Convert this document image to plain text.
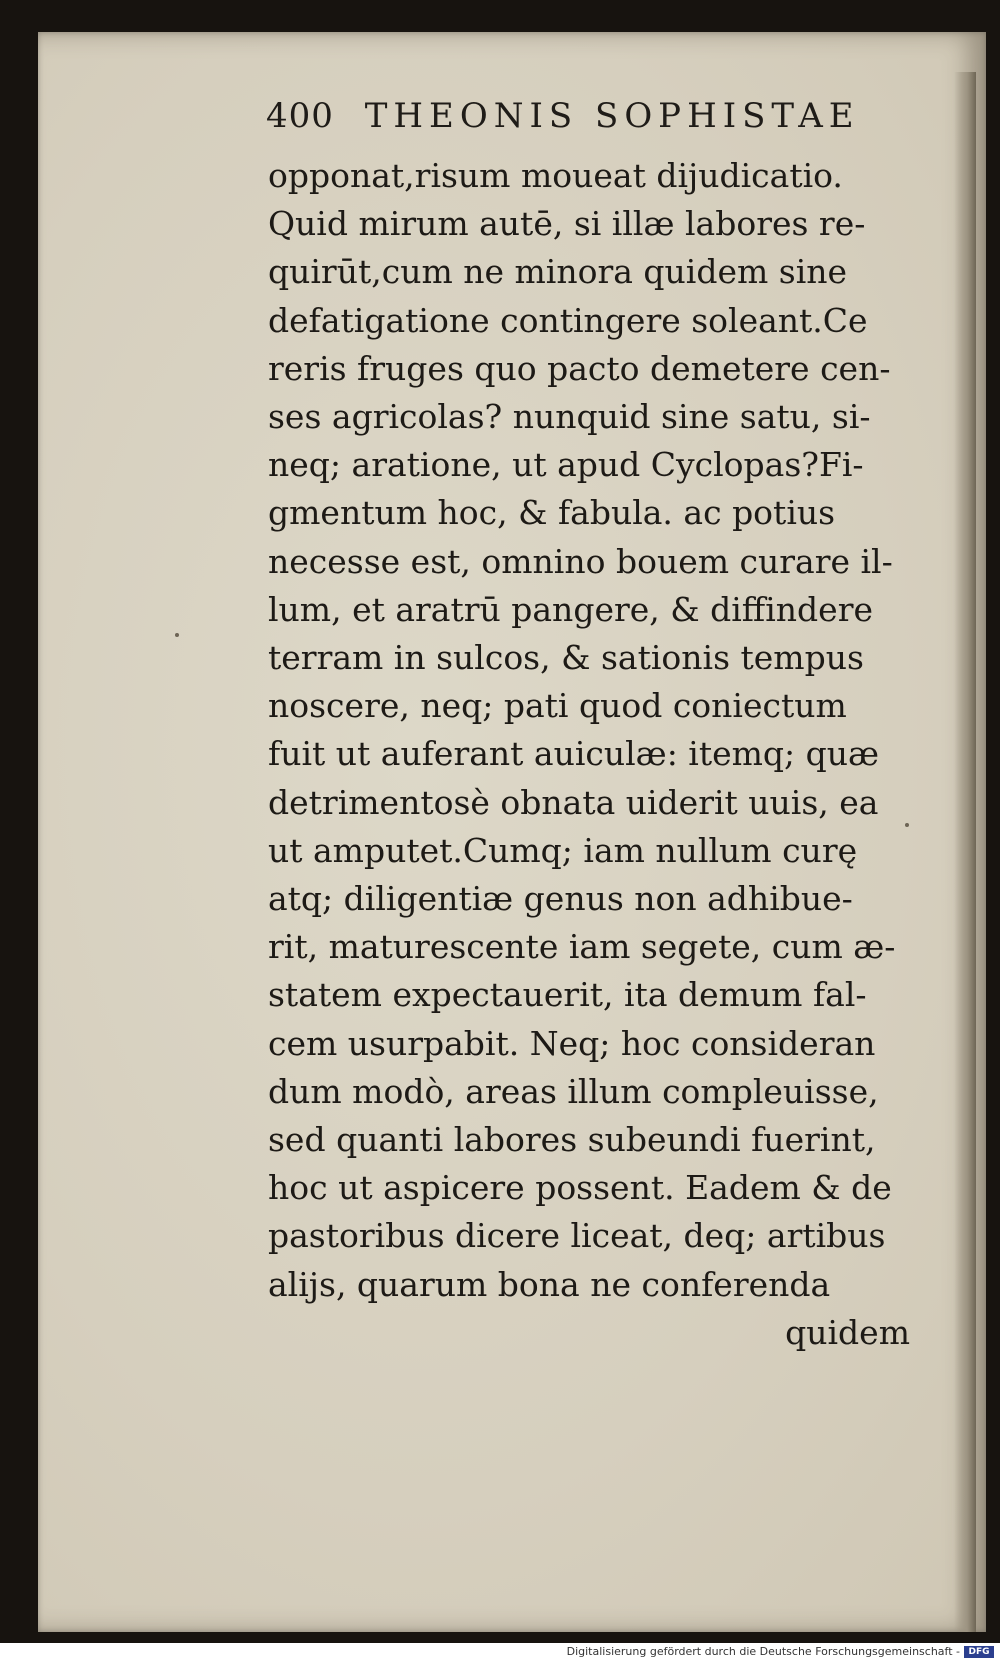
400 THEONIS SOPHISTAE
opponat,risum moueat dijudicatio.
Quid mirum autē, si illæ labores re-
quirūt,cum ne minora quidem sine
defatigatione contingere soleant.Ce
reris fruges quo pacto demetere cen-
ses agricolas? nunquid sine satu, si-
neq; aratione, ut apud Cyclopas?Fi-
gmentum hoc, & fabula. ac potius
necesse est, omnino bouem curare il-
lum, et aratrū pangere, & diffindere
terram in sulcos, & sationis tempus
noscere, neq; pati quod coniectum
fuit ut auferant auiculæ: itemq; quæ
detrimentosè obnata uiderit uuis, ea
ut amputet.Cumq; iam nullum curę
atq; diligentiæ genus non adhibue-
rit, maturescente iam segete, cum æ-
statem expectauerit, ita demum fal-
cem usurpabit. Neq; hoc consideran
dum modò, areas illum compleuisse,
sed quanti labores subeundi fuerint,
hoc ut aspicere possent. Eadem & de
pastoribus dicere liceat, deq; artibus
alijs, quarum bona ne conferenda
quidem
Digitalisierung gefördert durch die Deutsche Forschungsgemeinschaft - DFG
